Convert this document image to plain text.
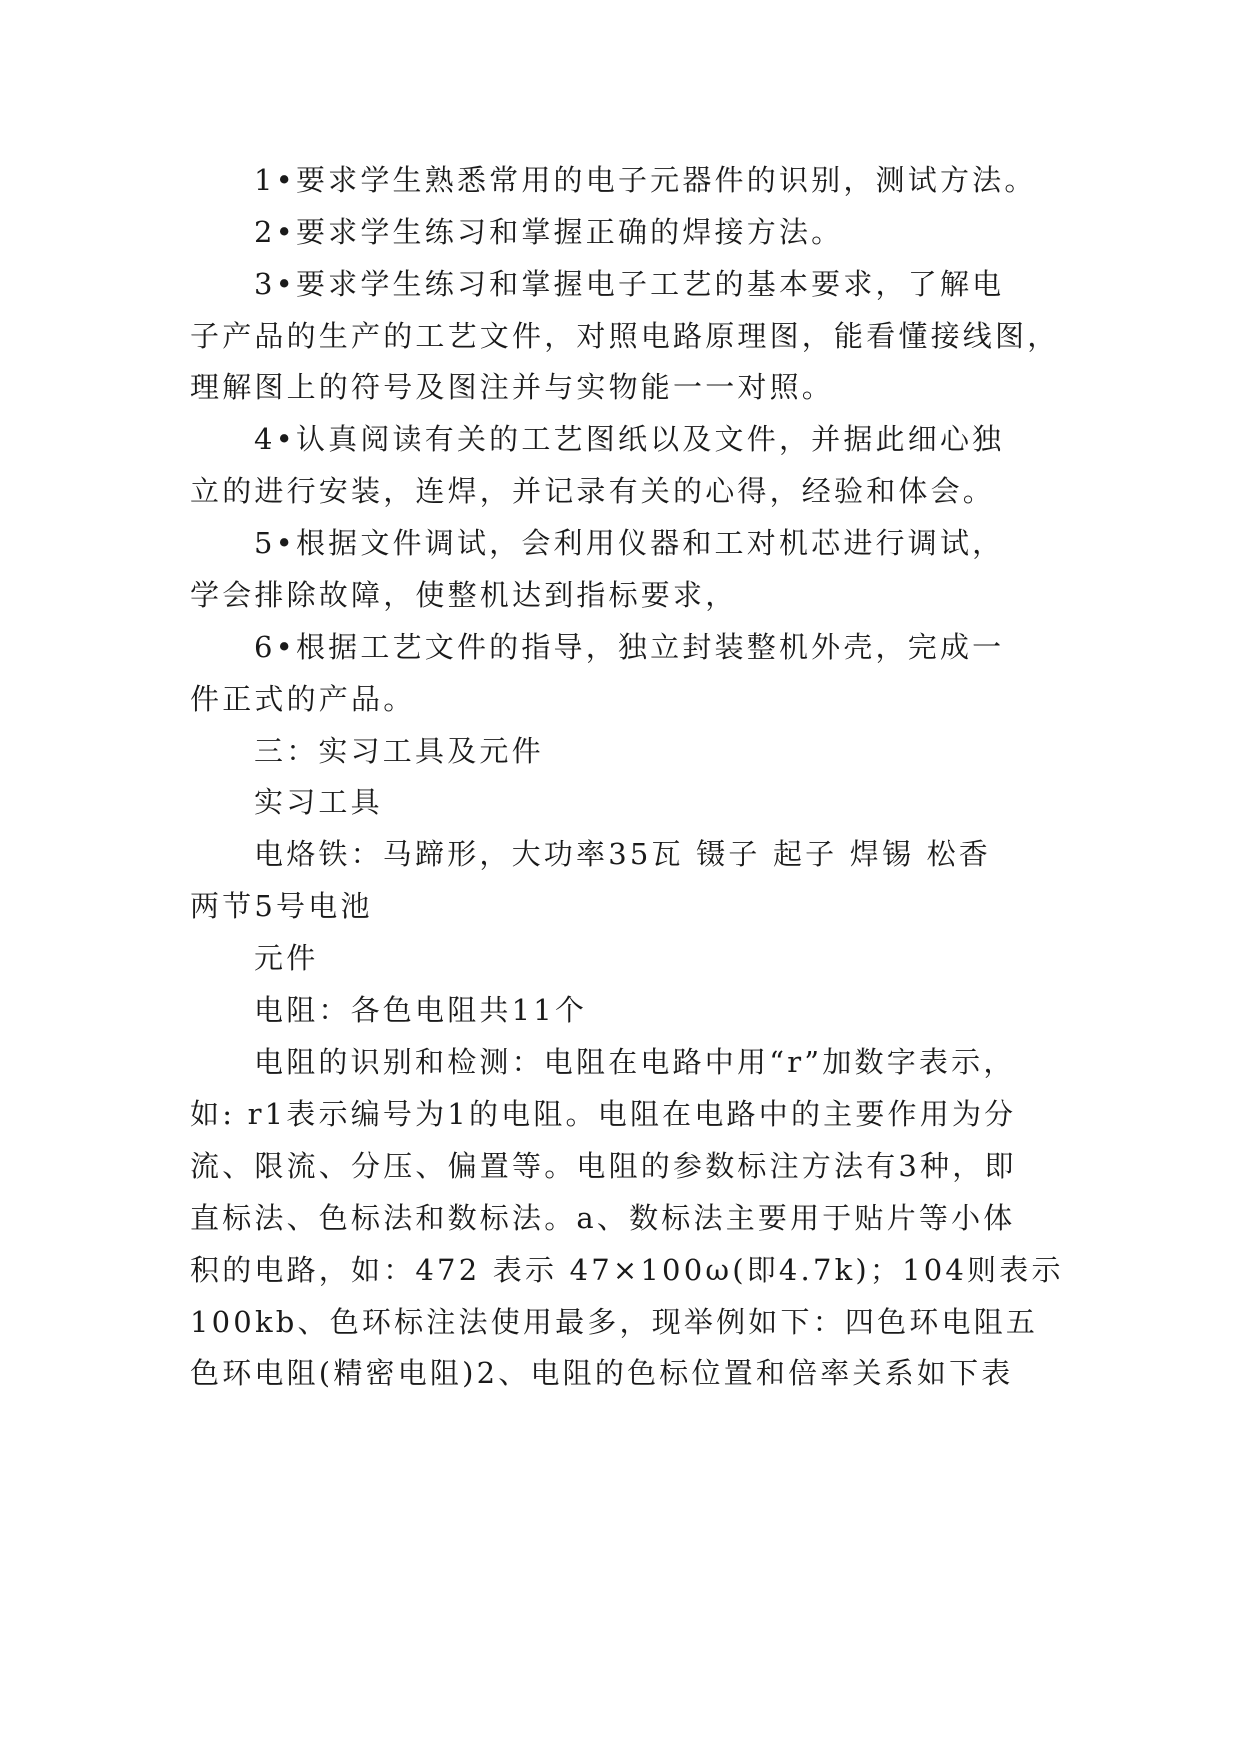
1•要求学生熟悉常用的电子元器件的识别，测试方法。
2•要求学生练习和掌握正确的焊接方法。
3•要求学生练习和掌握电子工艺的基本要求，了解电
子产品的生产的工艺文件，对照电路原理图，能看懂接线图，
理解图上的符号及图注并与实物能一一对照。
4•认真阅读有关的工艺图纸以及文件，并据此细心独
立的进行安装，连焊，并记录有关的心得，经验和体会。
5•根据文件调试，会利用仪器和工对机芯进行调试，
学会排除故障，使整机达到指标要求，
6•根据工艺文件的指导，独立封装整机外壳，完成一
件正式的产品。
三：实习工具及元件
实习工具
电烙铁：马蹄形，大功率35瓦 镊子 起子 焊锡 松香
两节5号电池
元件
电阻：各色电阻共11个
电阻的识别和检测：电阻在电路中用“r”加数字表示，
如: r1表示编号为1的电阻。电阻在电路中的主要作用为分
流、限流、分压、偏置等。电阻的参数标注方法有3种，即
直标法、色标法和数标法。a、数标法主要用于贴片等小体
积的电路，如：472 表示 47×100ω(即4.7k)；104则表示
100kb、色环标注法使用最多，现举例如下：四色环电阻五
色环电阻(精密电阻)2、电阻的色标位置和倍率关系如下表
